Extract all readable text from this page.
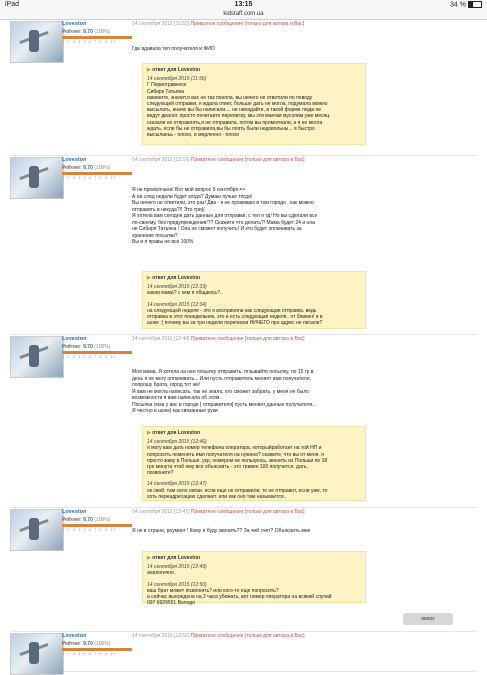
iPad	13:15	34 %
kidstaff.com.ua
Loveston
Рейтинг: 9.70 (100%)
1 2 3 4 5 6 7 8 9 10
14 сентября 2015 [11:52] Приватное сообщение [только для автора и Вас]
Где вдавала теп получателя и ФИО
▶ ответ для Loveston
14 сентября 2015 (11:56)
Г Первотравенск
Сибирк Татьяна
извините, значит,я вас не так поняла, вы ничего не ответили по поводу
следующей отправки, я ждала ответ, больше дать не могла, подумала можно
высылать, иначе вы бы написали.... не нападайте, в такой форме люди не
ведут диалог. просто почитаите переписку. мы эти маечки мусолим уже месяц.
сказали не отправлять,я не отправила. потом вы промолчали, а я не могла
ждать. если бы не отправила,вы бы опять были недовольны... я быстро
высылаеьь - плохо, и медленно - плохо
Loveston
Рейтинг: 9.70 (100%)
1 2 3 4 5 6 7 8 9 10
14 сентября 2015 [12:16] Приватное сообщение [только для автора и Вас]
Я не промолчала! Вот мой вопрос 9 сентября =>
А на след недели будет когда? Думаю лучше тогда!
Вы ничего не ответили, это раз! Два - я не проживаю в том городе , как можно
отправить в некуда?!! Это три((
Я хотела вам сегодня дать данные для отправки, с тел я тд! Но вы сделали все
по-своему, без предупреждения!?? Скажите что делать?! Мама будет 24 и она
не Сибиря Татьяна ! Она не сможет получить! И кто будет оплачивать за
хранение посылки?
Вы и я правы не все 100%
▶ ответ для Loveston
14 сентября 2015 (12:33)
какая мама? с кем я общаюсь?..
14 сентября 2015 (12:34)
на следующей неделе - это я восприняла как следующая отправка. ведь
отправка в этот понедельник, это и есть следующая неделя.. от бликин! я в
шоке :( почему вы за три недели переписки НИЧЕГО про адрес не писали?
Loveston
Рейтинг: 9.70 (100%)
1 2 3 4 5 6 7 8 9 10
14 сентября 2015 [12:44] Приватное сообщение [только для автора и Вас]
Моя мама. Я хотела на нее посылку отправить, отзывайте посылку, по 15 гр в
день я не могу оплачивать... Или пусть отправитель меняет имя получателя,
попрошу брата, город тот же!
Я вам не могла написать, так не знала, кто сможет забрать, у меня не было
возможности я вам написала об этом..
Посылка пока у вас в городе [ отправителя] пусть меняет данные получателя...
Я честно в шоке| как связанные руки
▶ ответ для Loveston
14 сентября 2015 (12:46)
я могу вам дать номер телефона оператора, которыйработает на той НП и
попросить поменять имя получателя на нужное? скажите, что вы от меня. я
просто живу в Польше, укр. номером не пользуюсь, звонить из Польши по 18
грн минута чтоб ему все объяснить - это тривен 100 получится. дать,
позвоните?
14 сентября 2015 (12:47)
ок свой. там село связи. если еще не отправили, то не отправит, если уже, то
хоть переадресацию сделают. или как оно там называется..
Loveston
Рейтинг: 9.70 (100%)
1 2 3 4 5 6 7 8 9 10
14 сентября 2015 [12:47] Приватное сообщение [только для автора и Вас]
Я не в стране, роуминг ! Кому я буду звонить?? За чей счет? Объяснить мне
▶ ответ для Loveston
14 сентября 2015 (12:49)
аналогично..
14 сентября 2015 (12:50)
ваш брат может позвонить? или кого-то еще попросить?
а сейчас вынуждена на 2 часа убежать, вот номер оператора на всякий случай
097 6929551 Володя
Loveston
Рейтинг: 9.70 (100%)
1 2 3 4 5 6 7 8 9 10
14 сентября 2015 [12:52] Приватное сообщение [только для автора и Вас]
вверх
